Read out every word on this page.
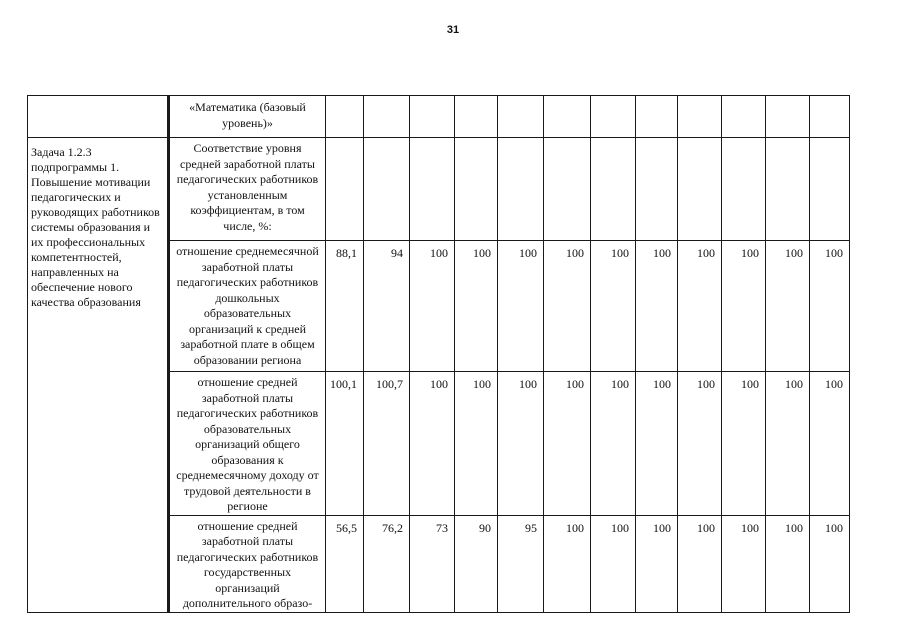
31
	«Математика (базовый уровень)»												
Задача 1.2.3 подпрограммы 1. Повышение мотивации педагогических и руководящих работников системы образования и их профессиональных компетентностей, направленных на обеспечение нового качества образования	Соответствие уровня средней заработной платы педагогических работников установленным коэффициентам, в том числе, %:												
	отношение среднемесячной заработной платы педагогических работников дошкольных образовательных организаций к средней заработной плате в общем образовании региона	88,1	94	100	100	100	100	100	100	100	100	100	100
	отношение средней заработной платы педагогических работников образовательных организаций общего образования к среднемесячному доходу от трудовой деятельности в регионе	100,1	100,7	100	100	100	100	100	100	100	100	100	100
	отношение средней заработной платы педагогических работников государственных организаций дополнительного образо-	56,5	76,2	73	90	95	100	100	100	100	100	100	100
